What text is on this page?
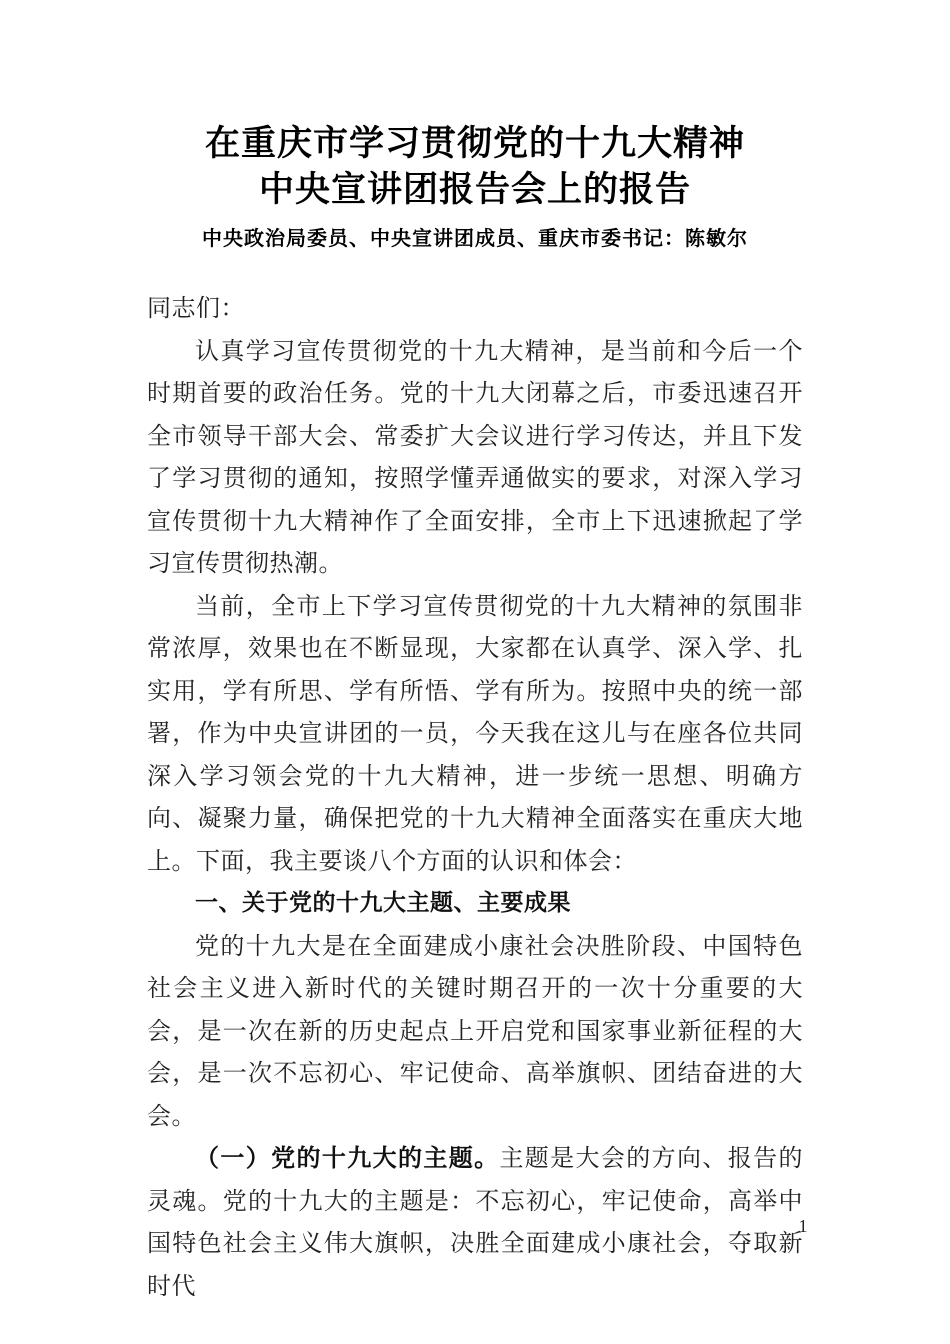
在重庆市学习贯彻党的十九大精神
中央宣讲团报告会上的报告
中央政治局委员、中央宣讲团成员、重庆市委书记：陈敏尔

同志们：

认真学习宣传贯彻党的十九大精神，是当前和今后一个时期首要的政治任务。党的十九大闭幕之后，市委迅速召开全市领导干部大会、常委扩大会议进行学习传达，并且下发了学习贯彻的通知，按照学懂弄通做实的要求，对深入学习宣传贯彻十九大精神作了全面安排，全市上下迅速掀起了学习宣传贯彻热潮。

当前，全市上下学习宣传贯彻党的十九大精神的氛围非常浓厚，效果也在不断显现，大家都在认真学、深入学、扎实用，学有所思、学有所悟、学有所为。按照中央的统一部署，作为中央宣讲团的一员，今天我在这儿与在座各位共同深入学习领会党的十九大精神，进一步统一思想、明确方向、凝聚力量，确保把党的十九大精神全面落实在重庆大地上。下面，我主要谈八个方面的认识和体会：

一、关于党的十九大主题、主要成果

党的十九大是在全面建成小康社会决胜阶段、中国特色社会主义进入新时代的关键时期召开的一次十分重要的大会，是一次在新的历史起点上开启党和国家事业新征程的大会，是一次不忘初心、牢记使命、高举旗帜、团结奋进的大会。

（一）党的十九大的主题。主题是大会的方向、报告的灵魂。党的十九大的主题是：不忘初心，牢记使命，高举中国特色社会主义伟大旗帜，决胜全面建成小康社会，夺取新时代

1
